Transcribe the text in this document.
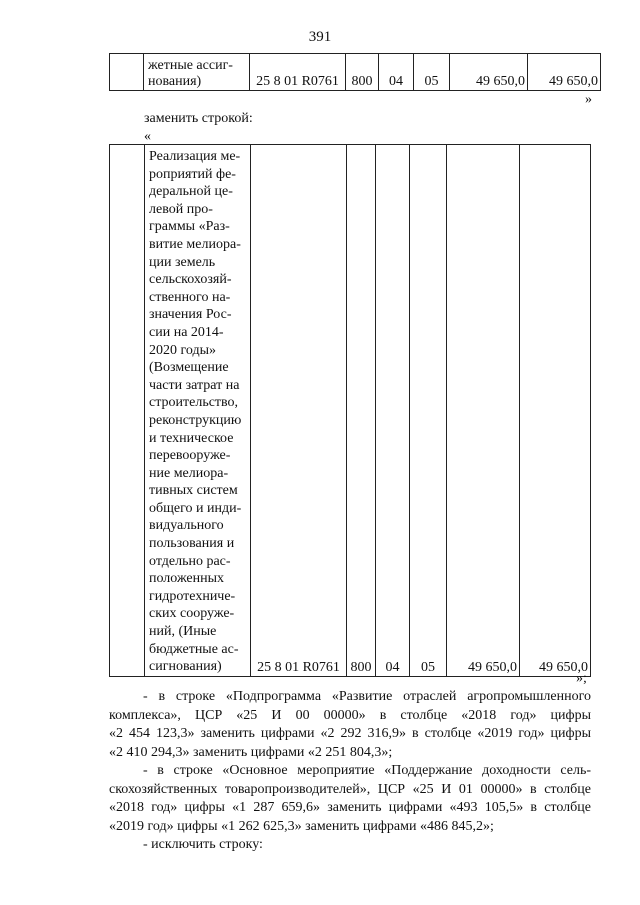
391

жетные ассиг-
нования)	25 8 01 R0761	800	04	05	49 650,0	49 650,0
»
заменить строкой:
«

Реализация ме-
роприятий фе-
деральной це-
левой про-
граммы «Раз-
витие мелиора-
ции земель
сельскохозяй-
ственного на-
значения Рос-
сии на 2014-
2020 годы»
(Возмещение
части затрат на
строительство,
реконструкцию
и техническое
перевооруже-
ние мелиора-
тивных систем
общего и инди-
видуального
пользования и
отдельно рас-
положенных
гидротехниче-
ских сооруже-
ний, (Иные
бюджетные ас-
сигнования)	25 8 01 R0761	800	04	05	49 650,0	49 650,0
»;
- в строке «Подпрограмма «Развитие отраслей агропромышленного
комплекса», ЦСР «25 И 00 00000» в столбце «2018 год» цифры
«2 454 123,3» заменить цифрами «2 292 316,9» в столбце «2019 год» цифры
«2 410 294,3» заменить цифрами «2 251 804,3»;
- в строке «Основное мероприятие «Поддержание доходности сель-
скохозяйственных товаропроизводителей», ЦСР «25 И 01 00000» в столбце
«2018 год» цифры «1 287 659,6» заменить цифрами «493 105,5» в столбце
«2019 год» цифры «1 262 625,3» заменить цифрами «486 845,2»;
- исключить строку:
